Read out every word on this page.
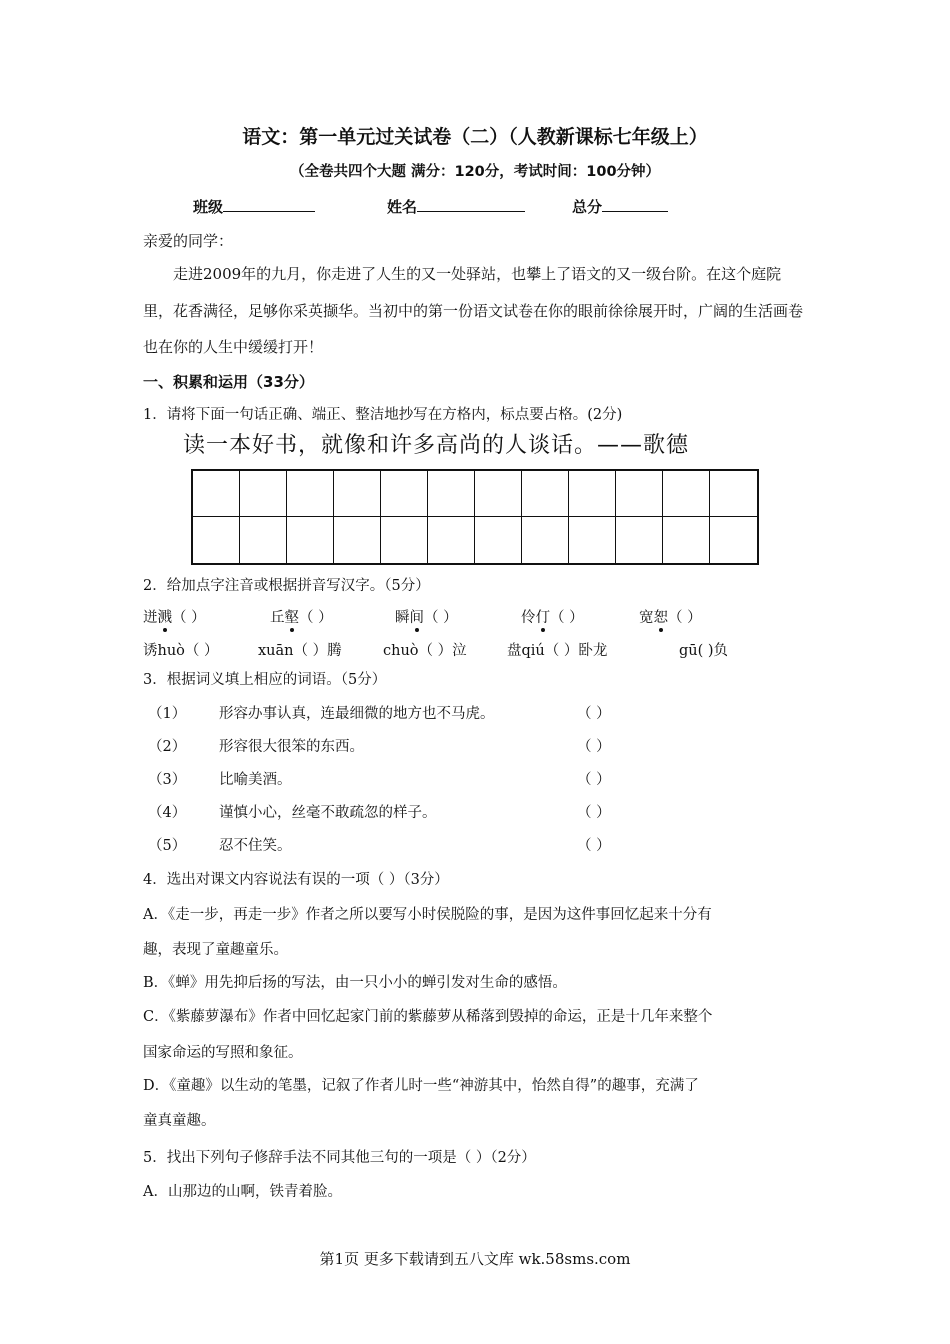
语文：第一单元过关试卷（二）（人教新课标七年级上）
（全卷共四个大题 满分：120分，考试时间：100分钟）
班级	姓名	总分
亲爱的同学：
走进2009年的九月，你走进了人生的又一处驿站，也攀上了语文的又一级台阶。在这个庭院里，花香满径，足够你采英撷华。当初中的第一份语文试卷在你的眼前徐徐展开时，广阔的生活画卷也在你的人生中缓缓打开！
一、积累和运用（33分）
1．请将下面一句话正确、端正、整洁地抄写在方格内，标点要占格。(2分)
读一本好书，就像和许多高尚的人谈话。——歌德
2．给加点字注音或根据拼音写汉字。（5分）
迸溅（ ）	丘壑（ ）	瞬间（ ）	伶仃（ ）	宽恕（ ）
诱huò（ ）	xuān（ ）腾	chuò（ ）泣	盘qiú（ ）卧龙	gū( )负
3．根据词义填上相应的词语。（5分）
（1） 形容办事认真，连最细微的地方也不马虎。	（ ）
（2） 形容很大很笨的东西。	（ ）
（3） 比喻美酒。	（ ）
（4） 谨慎小心，丝毫不敢疏忽的样子。	（ ）
（5） 忍不住笑。	（ ）
4．选出对课文内容说法有误的一项（ ）（3分）
A．《走一步，再走一步》作者之所以要写小时侯脱险的事，是因为这件事回忆起来十分有
趣，表现了童趣童乐。
B．《蝉》用先抑后扬的写法，由一只小小的蝉引发对生命的感悟。
C．《紫藤萝瀑布》作者中回忆起家门前的紫藤萝从稀落到毁掉的命运，正是十几年来整个
国家命运的写照和象征。
D．《童趣》以生动的笔墨，记叙了作者儿时一些“神游其中，怡然自得”的趣事，充满了
童真童趣。
5．找出下列句子修辞手法不同其他三句的一项是（ ）（2分）
A．山那边的山啊，铁青着脸。
第1页 更多下载请到五八文库 wk.58sms.com
